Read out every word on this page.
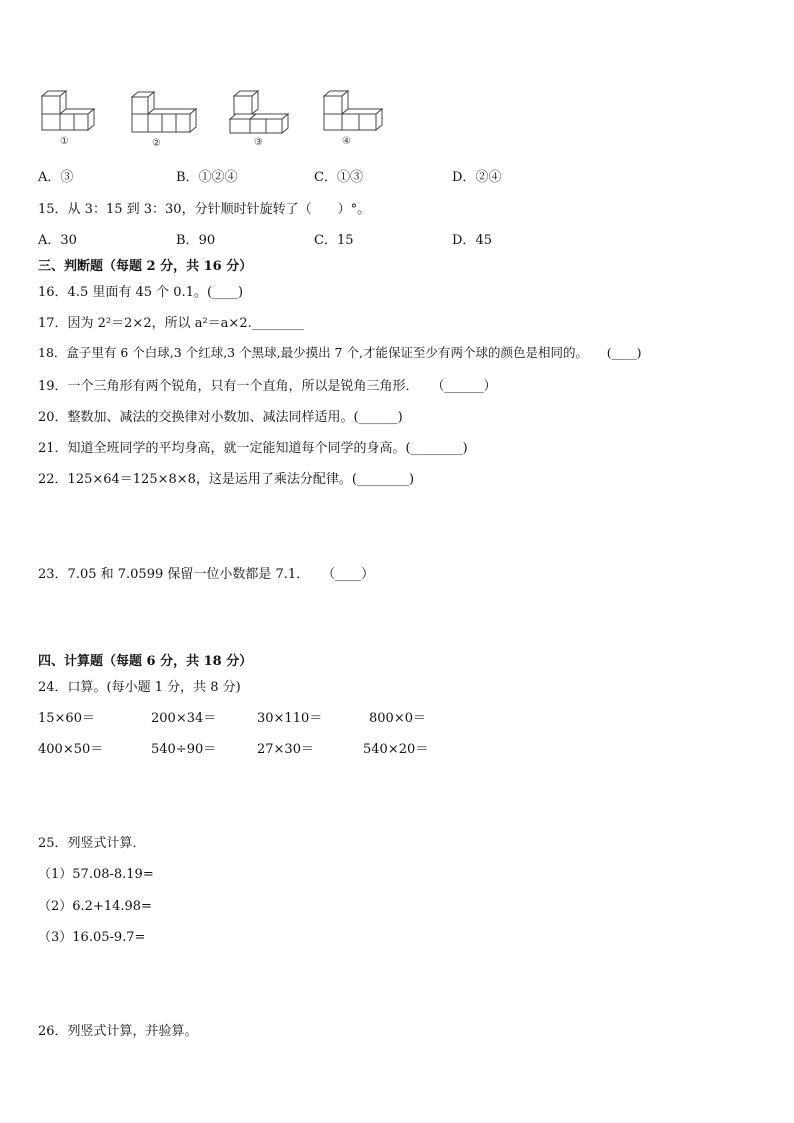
①	②	③	④
A．③	B．①②④	C．①③	D．②④
15．从 3：15 到 3：30，分针顺时针旋转了（　　）°。
A．30	B．90	C．15	D．45
三、判断题（每题 2 分，共 16 分）
16．4.5 里面有 45 个 0.1。(____)
17．因为 2²＝2×2，所以 a²＝a×2.________
18．盒子里有 6 个白球,3 个红球,3 个黑球,最少摸出 7 个,才能保证至少有两个球的颜色是相同的。　　(____)
19．一个三角形有两个锐角，只有一个直角，所以是锐角三角形．　　（______）
20．整数加、减法的交换律对小数加、减法同样适用。(______)
21．知道全班同学的平均身高，就一定能知道每个同学的身高。(________)
22．125×64＝125×8×8，这是运用了乘法分配律。(________)
23．7.05 和 7.0599 保留一位小数都是 7.1．　　（____）
四、计算题（每题 6 分，共 18 分）
24．口算。(每小题 1 分，共 8 分)
15×60＝	200×34＝	30×110＝	800×0＝
400×50＝	540÷90＝	27×30＝	540×20＝
25．列竖式计算．
（1）57.08-8.19=
（2）6.2+14.98=
（3）16.05-9.7=
26．列竖式计算，并验算。
